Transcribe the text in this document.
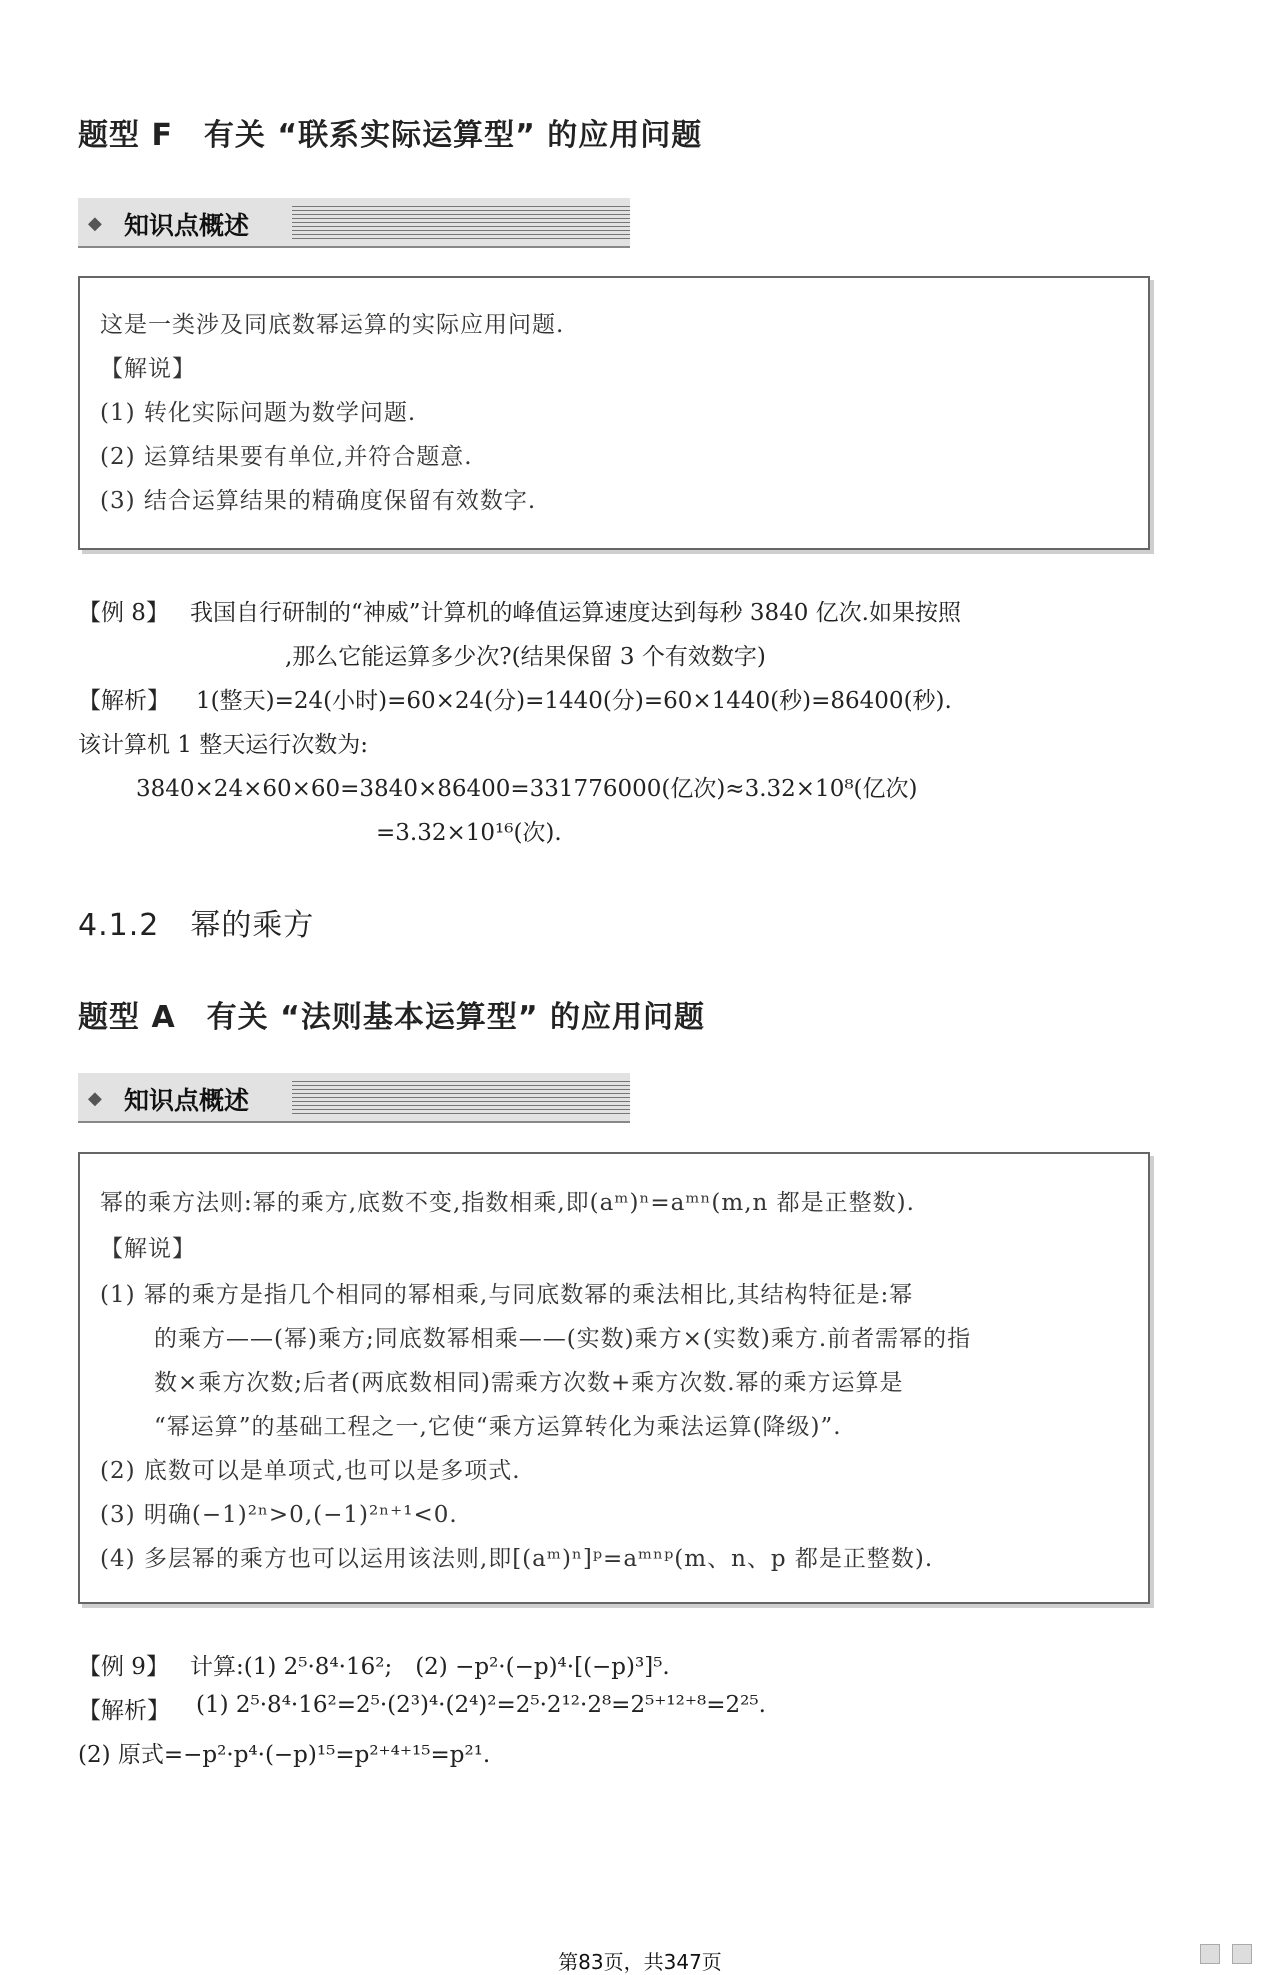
题型 F　有关 “联系实际运算型” 的应用问题
◆ 知识点概述
这是一类涉及同底数幂运算的实际应用问题.
【解说】
(1) 转化实际问题为数学问题.
(2) 运算结果要有单位,并符合题意.
(3) 结合运算结果的精确度保留有效数字.
【例 8】 我国自行研制的“神威”计算机的峰值运算速度达到每秒 3840 亿次.如果按照
,那么它能运算多少次?(结果保留 3 个有效数字)
【解析】 1(整天)=24(小时)=60×24(分)=1440(分)=60×1440(秒)=86400(秒).
该计算机 1 整天运行次数为:
3840×24×60×60=3840×86400=331776000(亿次)≈3.32×10⁸(亿次)
=3.32×10¹⁶(次).
4.1.2　幂的乘方
题型 A　有关 “法则基本运算型” 的应用问题
◆ 知识点概述
幂的乘方法则:幂的乘方,底数不变,指数相乘,即(aᵐ)ⁿ=aᵐⁿ(m,n 都是正整数).
【解说】
(1) 幂的乘方是指几个相同的幂相乘,与同底数幂的乘法相比,其结构特征是:幂
的乘方——(幂)乘方;同底数幂相乘——(实数)乘方×(实数)乘方.前者需幂的指
数×乘方次数;后者(两底数相同)需乘方次数+乘方次数.幂的乘方运算是
“幂运算”的基础工程之一,它使“乘方运算转化为乘法运算(降级)”.
(2) 底数可以是单项式,也可以是多项式.
(3) 明确(−1)²ⁿ>0,(−1)²ⁿ⁺¹<0.
(4) 多层幂的乘方也可以运用该法则,即[(aᵐ)ⁿ]ᵖ=aᵐⁿᵖ(m、n、p 都是正整数).
【例 9】 计算:(1) 2⁵·8⁴·16²;　(2) −p²·(−p)⁴·[(−p)³]⁵.
【解析】 (1) 2⁵·8⁴·16²=2⁵·(2³)⁴·(2⁴)²=2⁵·2¹²·2⁸=2⁵⁺¹²⁺⁸=2²⁵.
(2) 原式=−p²·p⁴·(−p)¹⁵=p²⁺⁴⁺¹⁵=p²¹.
第83页，共347页
